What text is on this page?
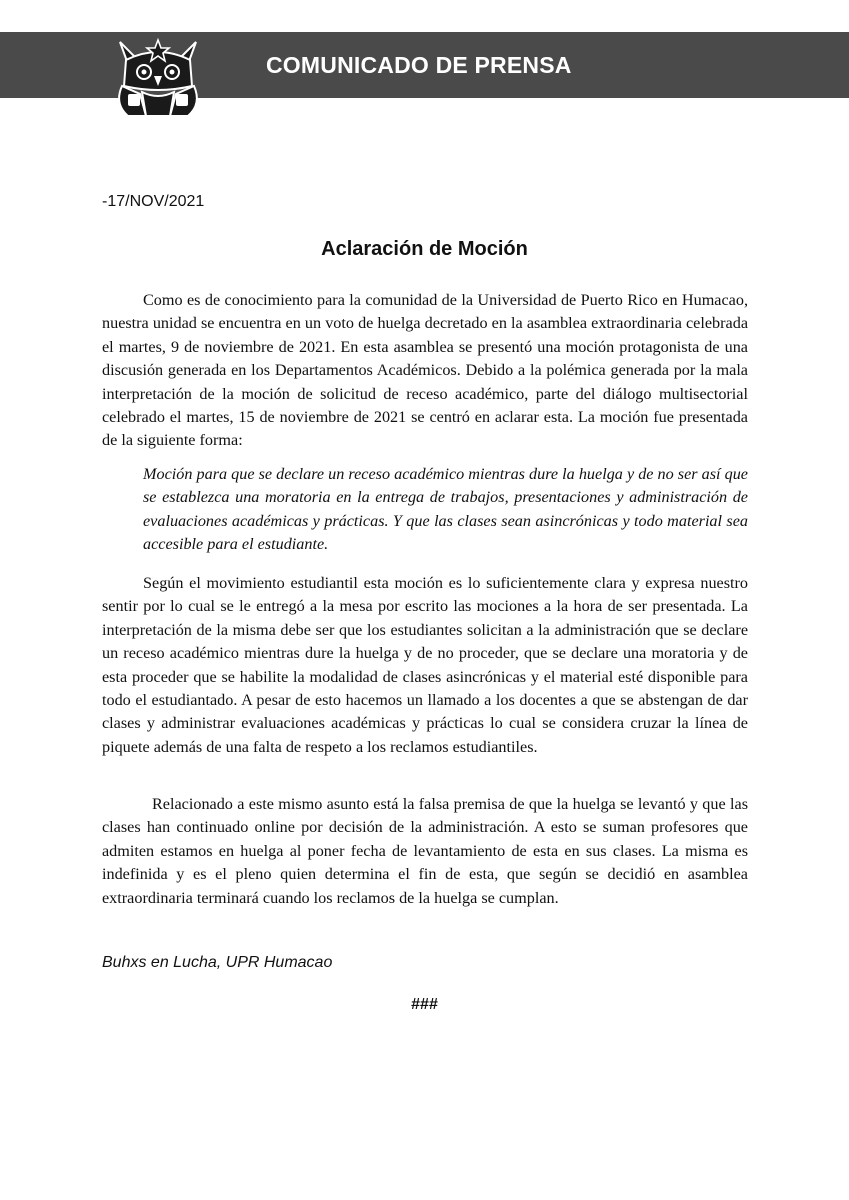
COMUNICADO DE PRENSA
-17/NOV/2021
Aclaración de Moción

Como es de conocimiento para la comunidad de la Universidad de Puerto Rico en Humacao, nuestra unidad se encuentra en un voto de huelga decretado en la asamblea extraordinaria celebrada el martes, 9 de noviembre de 2021. En esta asamblea se presentó una moción protagonista de una discusión generada en los Departamentos Académicos. Debido a la polémica generada por la mala interpretación de la moción de solicitud de receso académico, parte del diálogo multisectorial celebrado el martes, 15 de noviembre de 2021 se centró en aclarar esta. La moción fue presentada de la siguiente forma:

Moción para que se declare un receso académico mientras dure la huelga y de no ser así que se establezca una moratoria en la entrega de trabajos, presentaciones y administración de evaluaciones académicas y prácticas. Y que las clases sean asincrónicas y todo material sea accesible para el estudiante.

Según el movimiento estudiantil esta moción es lo suficientemente clara y expresa nuestro sentir por lo cual se le entregó a la mesa por escrito las mociones a la hora de ser presentada. La interpretación de la misma debe ser que los estudiantes solicitan a la administración que se declare un receso académico mientras dure la huelga y de no proceder, que se declare una moratoria y de esta proceder que se habilite la modalidad de clases asincrónicas y el material esté disponible para todo el estudiantado. A pesar de esto hacemos un llamado a los docentes a que se abstengan de dar clases y administrar evaluaciones académicas y prácticas lo cual se considera cruzar la línea de piquete además de una falta de respeto a los reclamos estudiantiles.

Relacionado a este mismo asunto está la falsa premisa de que la huelga se levantó y que las clases han continuado online por decisión de la administración. A esto se suman profesores que admiten estamos en huelga al poner fecha de levantamiento de esta en sus clases. La misma es indefinida y es el pleno quien determina el fin de esta, que según se decidió en asamblea extraordinaria terminará cuando los reclamos de la huelga se cumplan.

Buhxs en Lucha, UPR Humacao
###
